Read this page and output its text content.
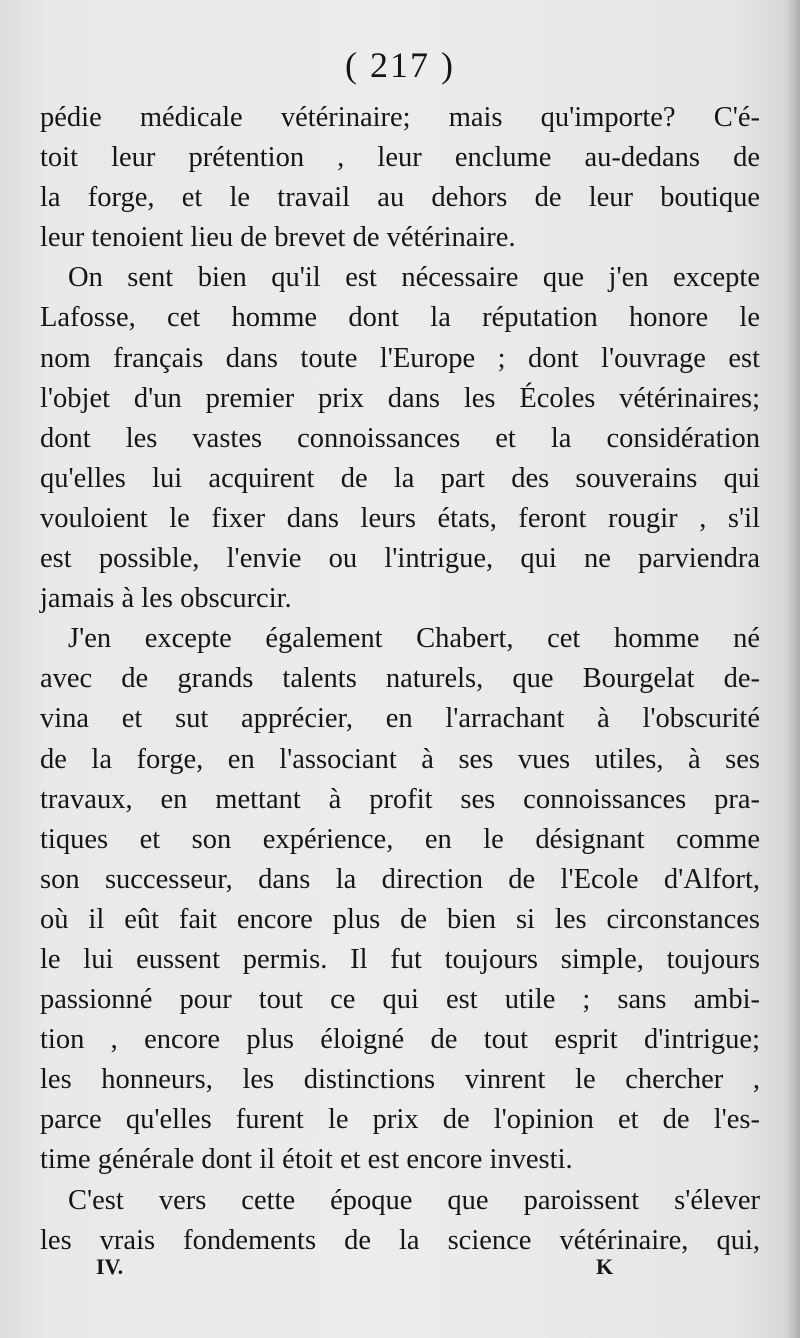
( 217 )
pédie médicale vétérinaire; mais qu'importe? C'é-
toit leur prétention , leur enclume au-dedans de
la forge, et le travail au dehors de leur boutique
leur tenoient lieu de brevet de vétérinaire.
On sent bien qu'il est nécessaire que j'en excepte
Lafosse, cet homme dont la réputation honore le
nom français dans toute l'Europe ; dont l'ouvrage est
l'objet d'un premier prix dans les Écoles vétérinaires;
dont les vastes connoissances et la considération
qu'elles lui acquirent de la part des souverains qui
vouloient le fixer dans leurs états, feront rougir , s'il
est possible, l'envie ou l'intrigue, qui ne parviendra
jamais à les obscurcir.
J'en excepte également Chabert, cet homme né
avec de grands talents naturels, que Bourgelat de-
vina et sut apprécier, en l'arrachant à l'obscurité
de la forge, en l'associant à ses vues utiles, à ses
travaux, en mettant à profit ses connoissances pra-
tiques et son expérience, en le désignant comme
son successeur, dans la direction de l'Ecole d'Alfort,
où il eût fait encore plus de bien si les circonstances
le lui eussent permis. Il fut toujours simple, toujours
passionné pour tout ce qui est utile ; sans ambi-
tion , encore plus éloigné de tout esprit d'intrigue;
les honneurs, les distinctions vinrent le chercher ,
parce qu'elles furent le prix de l'opinion et de l'es-
time générale dont il étoit et est encore investi.
C'est vers cette époque que paroissent s'élever
les vrais fondements de la science vétérinaire, qui,
IV.	K
